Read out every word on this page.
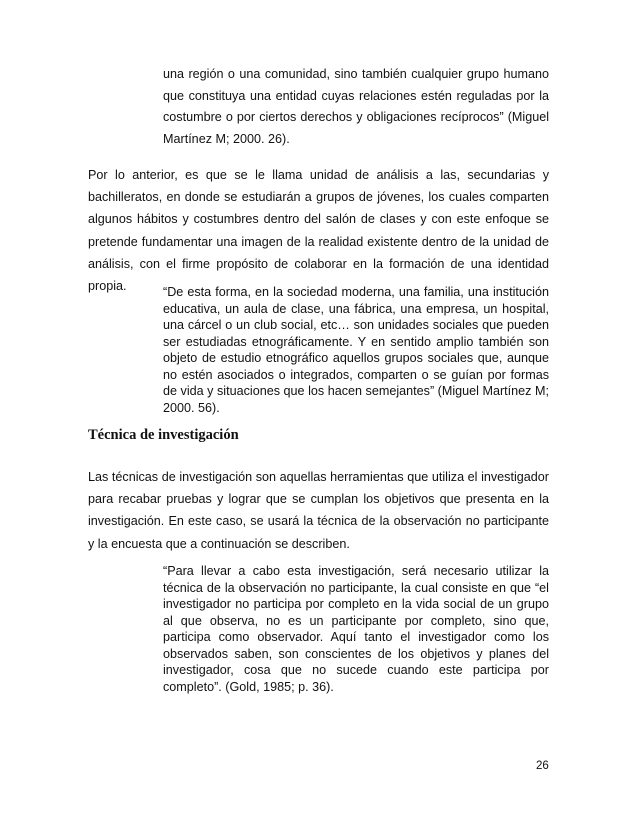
una región o una comunidad, sino también cualquier grupo humano que constituya una entidad cuyas relaciones estén reguladas por la costumbre o por ciertos derechos y obligaciones recíprocos” (Miguel Martínez M; 2000. 26).
Por lo anterior, es que se le llama unidad de análisis a las, secundarias y bachilleratos, en donde se estudiarán a grupos de jóvenes, los cuales comparten algunos hábitos y costumbres dentro del salón de clases y con este enfoque se pretende fundamentar una imagen de la realidad existente dentro de la unidad de análisis, con el firme propósito de colaborar en la formación de una identidad propia.	“De esta forma, en la sociedad moderna, una familia, una institución educativa, un aula de clase, una fábrica, una empresa, un hospital, una cárcel o un club social, etc… son unidades sociales que pueden ser estudiadas etnográficamente. Y en sentido amplio también son objeto de estudio etnográfico aquellos grupos sociales que, aunque no estén asociados o integrados, comparten o se guían por formas de vida y situaciones que los hacen semejantes” (Miguel Martínez M; 2000. 56).
Técnica de investigación
Las técnicas de investigación son aquellas herramientas que utiliza el investigador para recabar pruebas y lograr que se cumplan los objetivos que presenta en la investigación. En este caso, se usará la técnica de la observación no participante y la encuesta que a continuación se describen.
“Para llevar a cabo esta investigación, será necesario utilizar la técnica de la observación no participante, la cual consiste en que “el investigador no participa por completo en la vida social de un grupo al que observa, no es un participante por completo, sino que, participa como observador. Aquí tanto el investigador como los observados saben, son conscientes de los objetivos y planes del investigador, cosa que no sucede cuando este participa por completo”. (Gold, 1985; p. 36).
26
